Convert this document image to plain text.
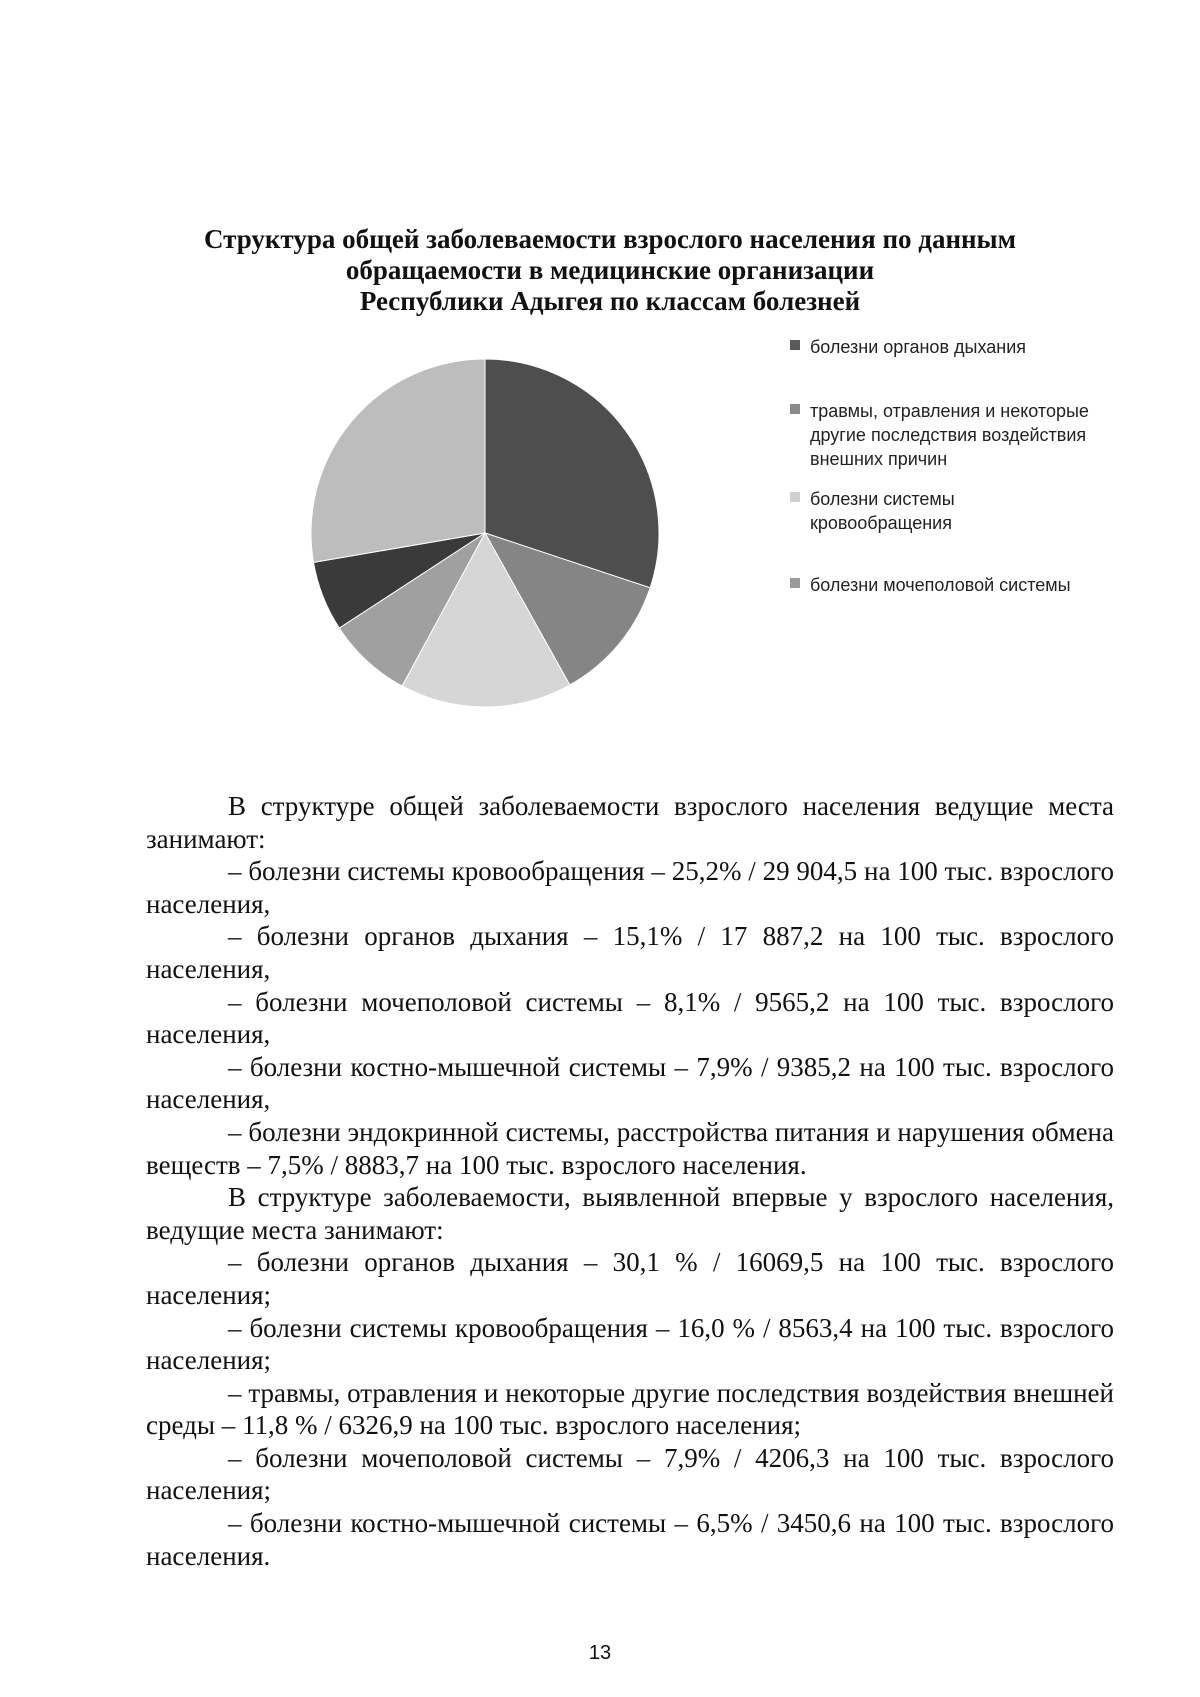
Структура общей заболеваемости взрослого населения по данным
обращаемости в медицинские организации
Республики Адыгея по классам болезней
болезни органов дыхания
травмы, отравления и некоторые другие последствия воздействия внешних причин
болезни системы кровообращения
болезни мочеполовой системы

В структуре общей заболеваемости взрослого населения ведущие места занимают:

– болезни системы кровообращения – 25,2% / 29 904,5 на 100 тыс. взрослого населения,

– болезни органов дыхания – 15,1% / 17 887,2 на 100 тыс. взрослого населения,

– болезни мочеполовой системы – 8,1% / 9565,2 на 100 тыс. взрослого населения,

– болезни костно-мышечной системы – 7,9% / 9385,2 на 100 тыс. взрослого населения,

– болезни эндокринной системы, расстройства питания и нарушения обмена веществ – 7,5% / 8883,7 на 100 тыс. взрослого населения.

В структуре заболеваемости, выявленной впервые у взрослого населения, ведущие места занимают:

– болезни органов дыхания – 30,1 % / 16069,5 на 100 тыс. взрослого населения;

– болезни системы кровообращения – 16,0 % / 8563,4 на 100 тыс. взрослого населения;

– травмы, отравления и некоторые другие последствия воздействия внешней среды – 11,8 % / 6326,9 на 100 тыс. взрослого населения;

– болезни мочеполовой системы – 7,9% / 4206,3 на 100 тыс. взрослого населения;

– болезни костно-мышечной системы – 6,5% / 3450,6 на 100 тыс. взрослого населения.

13
